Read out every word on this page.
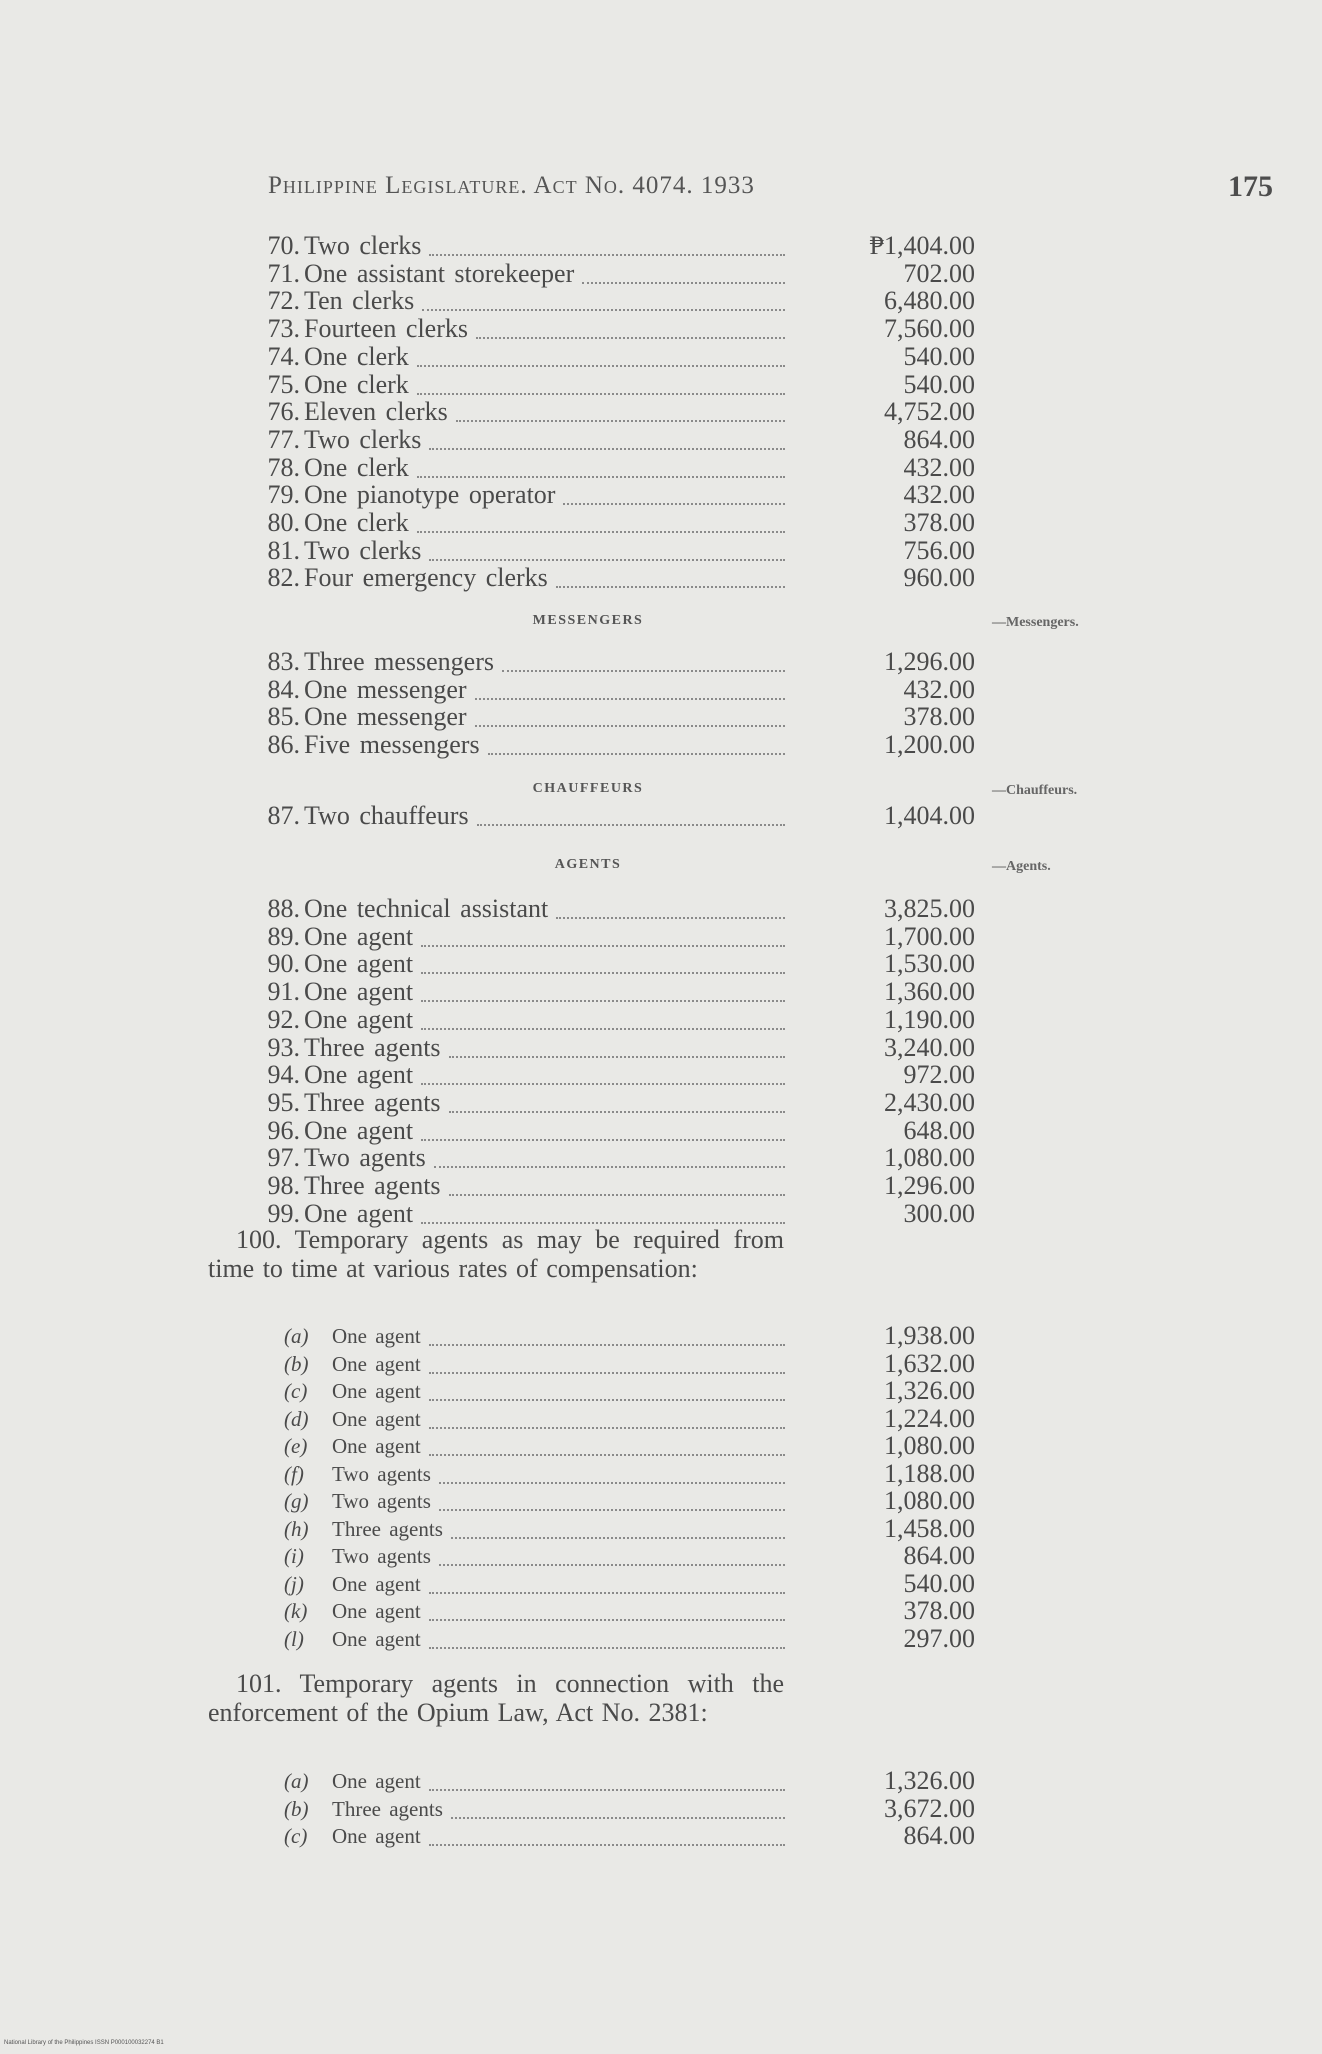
Philippine Legislature. Act No. 4074. 1933	175
70. Two clerks	₱1,404.00
71. One assistant storekeeper	702.00
72. Ten clerks	6,480.00
73. Fourteen clerks	7,560.00
74. One clerk	540.00
75. One clerk	540.00
76. Eleven clerks	4,752.00
77. Two clerks	864.00
78. One clerk	432.00
79. One pianotype operator	432.00
80. One clerk	378.00
81. Two clerks	756.00
82. Four emergency clerks	960.00
MESSENGERS	—Messengers.
83. Three messengers	1,296.00
84. One messenger	432.00
85. One messenger	378.00
86. Five messengers	1,200.00
CHAUFFEURS	—Chauffeurs.
87. Two chauffeurs	1,404.00
AGENTS	—Agents.
88. One technical assistant	3,825.00
89. One agent	1,700.00
90. One agent	1,530.00
91. One agent	1,360.00
92. One agent	1,190.00
93. Three agents	3,240.00
94. One agent	972.00
95. Three agents	2,430.00
96. One agent	648.00
97. Two agents	1,080.00
98. Three agents	1,296.00
99. One agent	300.00
100. Temporary agents as may be required from time to time at various rates of compensation:
(a) One agent	1,938.00
(b) One agent	1,632.00
(c) One agent	1,326.00
(d) One agent	1,224.00
(e) One agent	1,080.00
(f) Two agents	1,188.00
(g) Two agents	1,080.00
(h) Three agents	1,458.00
(i) Two agents	864.00
(j) One agent	540.00
(k) One agent	378.00
(l) One agent	297.00
101. Temporary agents in connection with the enforcement of the Opium Law, Act No. 2381:
(a) One agent	1,326.00
(b) Three agents	3,672.00
(c) One agent	864.00
National Library of the Philippines ISSN P000100032274 B1
